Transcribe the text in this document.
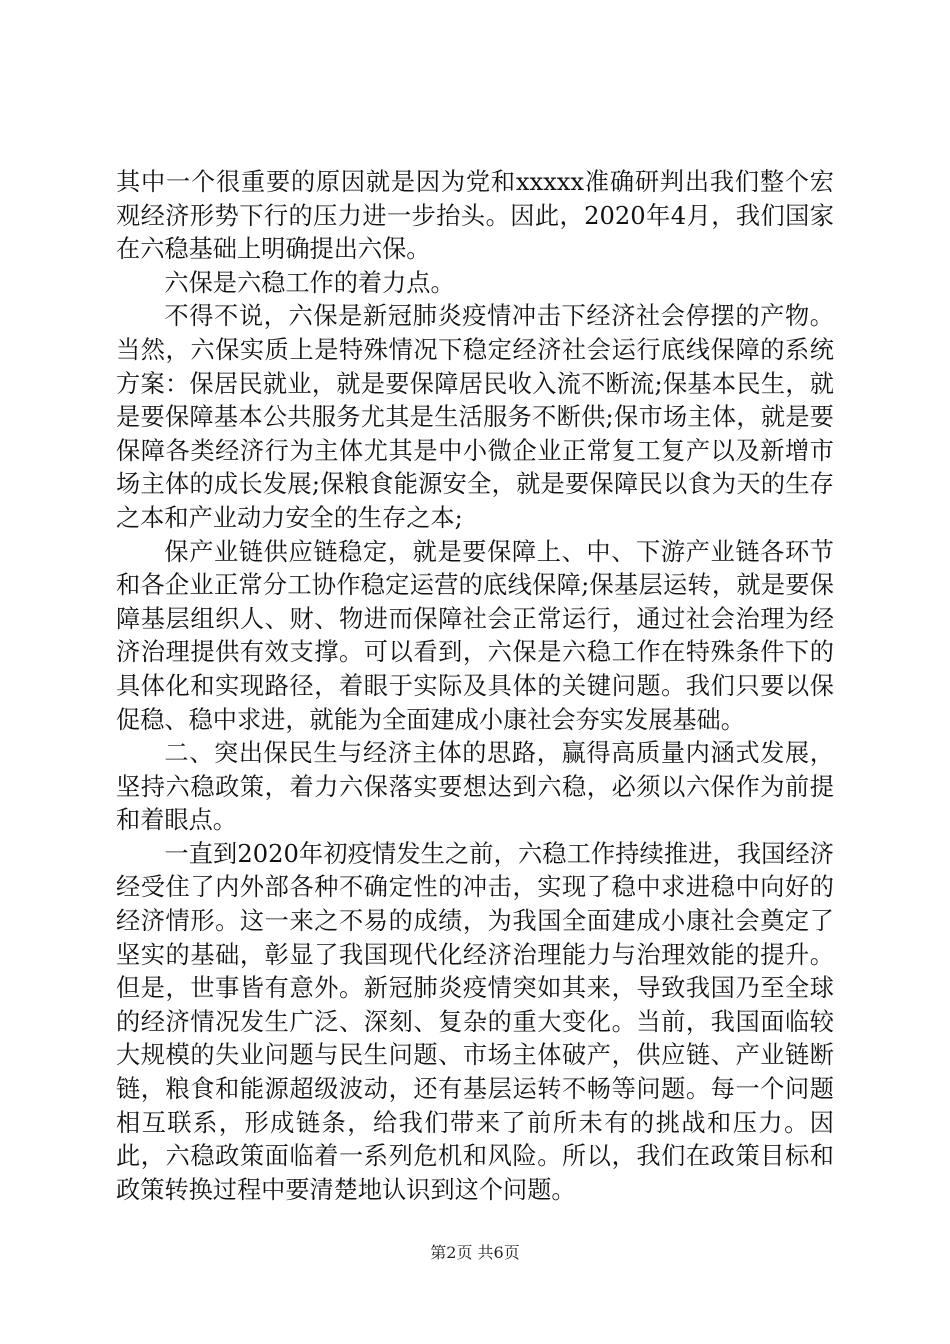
其中一个很重要的原因就是因为党和xxxxx准确研判出我们整个宏观经济形势下行的压力进一步抬头。因此，2020年4月，我们国家在六稳基础上明确提出六保。

六保是六稳工作的着力点。

不得不说，六保是新冠肺炎疫情冲击下经济社会停摆的产物。当然，六保实质上是特殊情况下稳定经济社会运行底线保障的系统方案：保居民就业，就是要保障居民收入流不断流;保基本民生，就是要保障基本公共服务尤其是生活服务不断供;保市场主体，就是要保障各类经济行为主体尤其是中小微企业正常复工复产以及新增市场主体的成长发展;保粮食能源安全，就是要保障民以食为天的生存之本和产业动力安全的生存之本;

保产业链供应链稳定，就是要保障上、中、下游产业链各环节和各企业正常分工协作稳定运营的底线保障;保基层运转，就是要保障基层组织人、财、物进而保障社会正常运行，通过社会治理为经济治理提供有效支撑。可以看到，六保是六稳工作在特殊条件下的具体化和实现路径，着眼于实际及具体的关键问题。我们只要以保促稳、稳中求进，就能为全面建成小康社会夯实发展基础。

二、突出保民生与经济主体的思路，赢得高质量内涵式发展，坚持六稳政策，着力六保落实要想达到六稳，必须以六保作为前提和着眼点。

一直到2020年初疫情发生之前，六稳工作持续推进，我国经济经受住了内外部各种不确定性的冲击，实现了稳中求进稳中向好的经济情形。这一来之不易的成绩，为我国全面建成小康社会奠定了坚实的基础，彰显了我国现代化经济治理能力与治理效能的提升。但是，世事皆有意外。新冠肺炎疫情突如其来，导致我国乃至全球的经济情况发生广泛、深刻、复杂的重大变化。当前，我国面临较大规模的失业问题与民生问题、市场主体破产，供应链、产业链断链，粮食和能源超级波动，还有基层运转不畅等问题。每一个问题相互联系，形成链条，给我们带来了前所未有的挑战和压力。因此，六稳政策面临着一系列危机和风险。所以，我们在政策目标和政策转换过程中要清楚地认识到这个问题。

第2页 共6页
